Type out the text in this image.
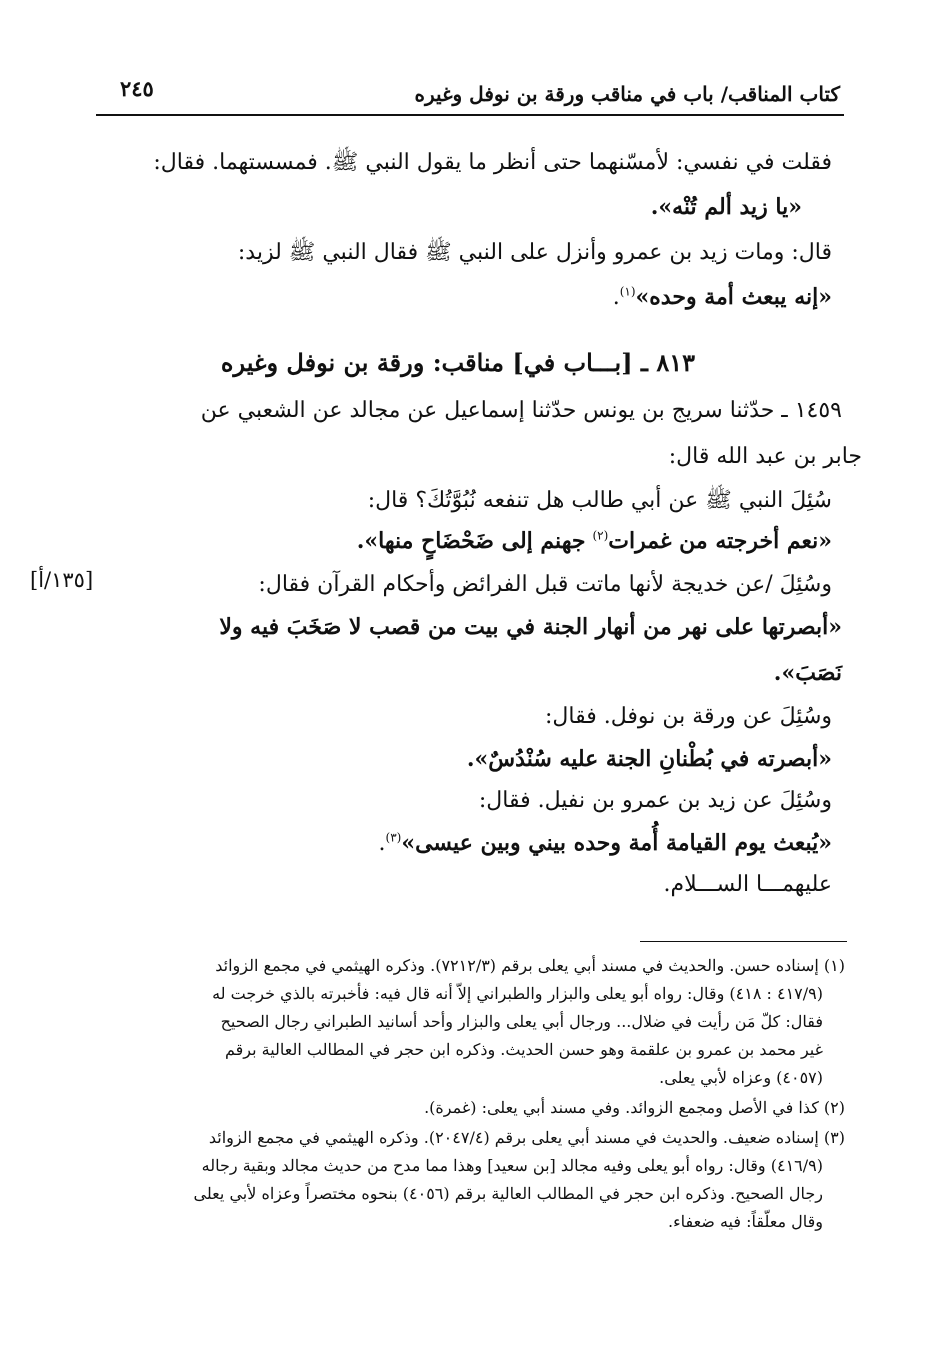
كتاب المناقب/ باب في مناقب ورقة بن نوفل وغيره
٢٤٥
فقلت في نفسي: لأمسّنهما حتى أنظر ما يقول النبي ﷺ. فمسستهما. فقال:
«يا زيد ألم تُنْه».
قال: ومات زيد بن عمرو وأنزل على النبي ﷺ فقال النبي ﷺ لزيد:
«إنه يبعث أمة وحده»$^{(١)}$.
٨١٣ ـ [بـــاب في] مناقب: ورقة بن نوفل وغيره
١٤٥٩ ـ حدّثنا سريج بن يونس حدّثنا إسماعيل عن مجالد عن الشعبي عن
جابر بن عبد الله قال:
سُئِلَ النبي ﷺ عن أبي طالب هل تنفعه نُبُوَّتُكَ؟ قال:
«نعم أخرجته من غمرات$^{(٢)}$ جهنم إلى ضَحْضَاحٍ منها».
وسُئِلَ /عن خديجة لأنها ماتت قبل الفرائض وأحكام القرآن فقال:
«أبصرتها على نهر من أنهار الجنة في بيت من قصب لا صَخَبَ فيه ولا
نَصَبَ».
وسُئِلَ عن ورقة بن نوفل. فقال:
«أبصرته في بُطْنانِ الجنة عليه سُنْدُسٌ».
وسُئِلَ عن زيد بن عمرو بن نفيل. فقال:
«يُبعث يوم القيامة أُمة وحده بيني وبين عيسى»$^{(٣)}$.
عليهمـــا الســـلام.
[١٣٥/أ]
(١) إسناده حسن. والحديث في مسند أبي يعلى برقم (٧٢١٢/٣). وذكره الهيثمي في مجمع الزوائد
(٤١٧/٩ : ٤١٨) وقال: رواه أبو يعلى والبزار والطبراني إلاّ أنه قال فيه: فأخبرته بالذي خرجت له
فقال: كلّ مَن رأيت في ضلال... ورجال أبي يعلى والبزار وأحد أسانيد الطبراني رجال الصحيح
غير محمد بن عمرو بن علقمة وهو حسن الحديث. وذكره ابن حجر في المطالب العالية برقم
(٤٠٥٧) وعزاه لأبي يعلى.
(٢) كذا في الأصل ومجمع الزوائد. وفي مسند أبي يعلى: (غمرة).
(٣) إسناده ضعيف. والحديث في مسند أبي يعلى برقم (٢٠٤٧/٤). وذكره الهيثمي في مجمع الزوائد
(٤١٦/٩) وقال: رواه أبو يعلى وفيه مجالد [بن سعيد] وهذا مما مدح من حديث مجالد وبقية رجاله
رجال الصحيح. وذكره ابن حجر في المطالب العالية برقم (٤٠٥٦) بنحوه مختصراً وعزاه لأبي يعلى
وقال معلّقاً: فيه ضعفاء.
